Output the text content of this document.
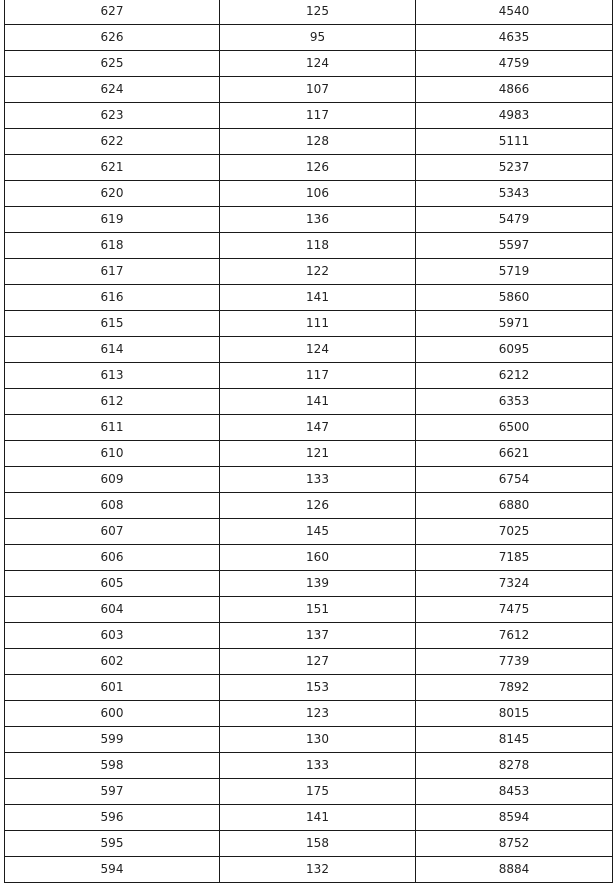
627	125	4540
626	95	4635
625	124	4759
624	107	4866
623	117	4983
622	128	5111
621	126	5237
620	106	5343
619	136	5479
618	118	5597
617	122	5719
616	141	5860
615	111	5971
614	124	6095
613	117	6212
612	141	6353
611	147	6500
610	121	6621
609	133	6754
608	126	6880
607	145	7025
606	160	7185
605	139	7324
604	151	7475
603	137	7612
602	127	7739
601	153	7892
600	123	8015
599	130	8145
598	133	8278
597	175	8453
596	141	8594
595	158	8752
594	132	8884
